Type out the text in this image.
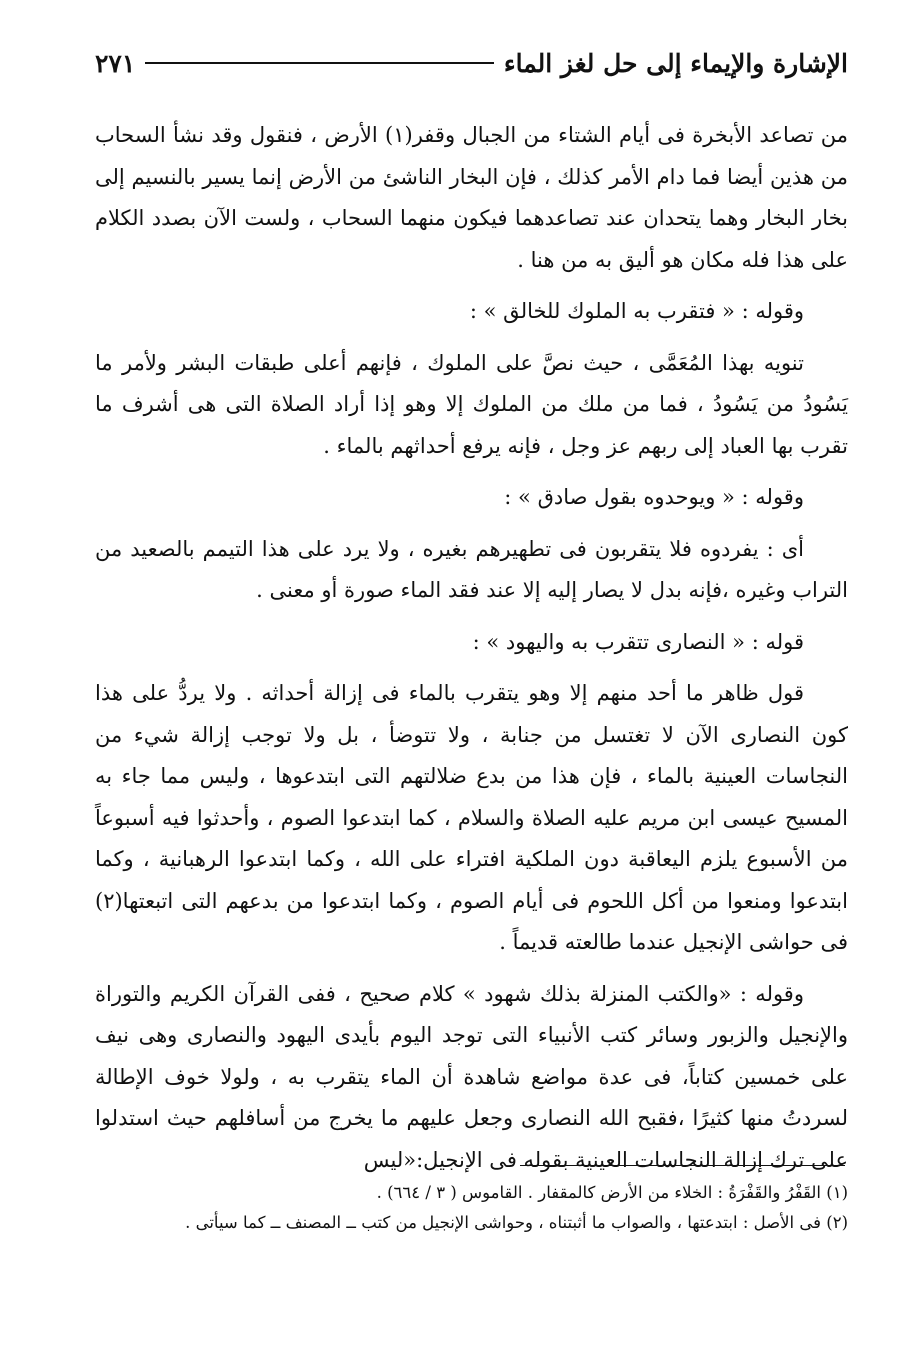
الإشارة والإيماء إلى حل لغز الماء
٢٧١

من تصاعد الأبخرة فى أيام الشتاء من الجبال وقفر(١) الأرض ، فنقول وقد نشأ السحاب من هذين أيضا فما دام الأمر كذلك ، فإن البخار الناشئ من الأرض إنما يسير بالنسيم إلى بخار البخار وهما يتحدان عند تصاعدهما فيكون منهما السحاب ، ولست الآن بصدد الكلام على هذا فله مكان هو أليق به من هنا .

وقوله : « فتقرب به الملوك للخالق » :

تنويه بهذا المُعَمَّى ، حيث نصَّ على الملوك ، فإنهم أعلى طبقات البشر ولأمر ما يَسُودُ من يَسُودُ ، فما من ملك من الملوك إلا وهو إذا أراد الصلاة التى هى أشرف ما تقرب بها العباد إلى ربهم عز وجل ، فإنه يرفع أحداثهم بالماء .

وقوله : « ويوحدوه بقول صادق » :

أى : يفردوه فلا يتقربون فى تطهيرهم بغيره ، ولا يرد على هذا التيمم بالصعيد من التراب وغيره ،فإنه بدل لا يصار إليه إلا عند فقد الماء صورة أو معنى .

قوله : « النصارى تتقرب به واليهود » :

قول ظاهر ما أحد منهم إلا وهو يتقرب بالماء فى إزالة أحداثه . ولا يردُّ على هذا كون النصارى الآن لا تغتسل من جنابة ، ولا تتوضأ ، بل ولا توجب إزالة شيء من النجاسات العينية بالماء ، فإن هذا من بدع ضلالتهم التى ابتدعوها ، وليس مما جاء به المسيح عيسى ابن مريم عليه الصلاة والسلام ، كما ابتدعوا الصوم ، وأحدثوا فيه أسبوعاً من الأسبوع يلزم اليعاقبة دون الملكية افتراء على الله ، وكما ابتدعوا الرهبانية ، وكما ابتدعوا ومنعوا من أكل اللحوم فى أيام الصوم ، وكما ابتدعوا من بدعهم التى اتبعتها(٢) فى حواشى الإنجيل عندما طالعته قديماً .

وقوله : «والكتب المنزلة بذلك شهود » كلام صحيح ، ففى القرآن الكريم والتوراة والإنجيل والزبور وسائر كتب الأنبياء التى توجد اليوم بأيدى اليهود والنصارى وهى نيف على خمسين كتاباً، فى عدة مواضع شاهدة أن الماء يتقرب به ، ولولا خوف الإطالة لسردتُ منها كثيرًا ،فقبح الله النصارى وجعل عليهم ما يخرج من أسافلهم حيث استدلوا على ترك إزالة النجاسات العينية بقوله فى الإنجيل:«ليس

(١) القَفْرُ والقَفْرَةُ : الخلاء من الأرض كالمقفار . القاموس ( ٣ / ٦٦٤) .

(٢) فى الأصل : ابتدعتها ، والصواب ما أثبتناه ، وحواشى الإنجيل من كتب ــ المصنف ــ كما سيأتى .
